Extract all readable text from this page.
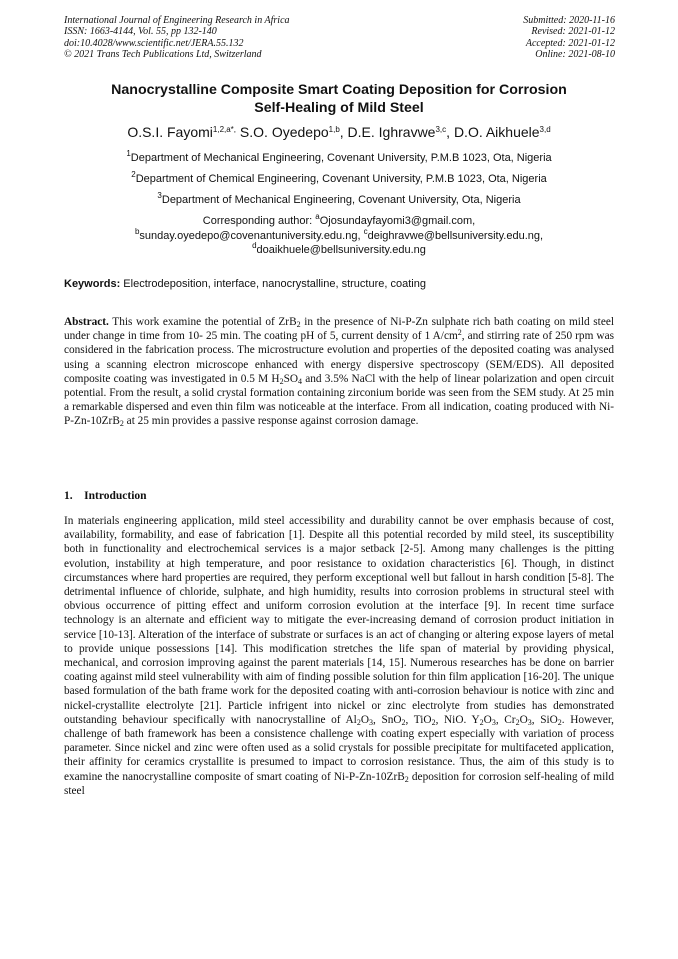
International Journal of Engineering Research in Africa
ISSN: 1663-4144, Vol. 55, pp 132-140
doi:10.4028/www.scientific.net/JERA.55.132
© 2021 Trans Tech Publications Ltd, Switzerland
Submitted: 2020-11-16
Revised: 2021-01-12
Accepted: 2021-01-12
Online: 2021-08-10
Nanocrystalline Composite Smart Coating Deposition for Corrosion
Self-Healing of Mild Steel
O.S.I. Fayomi$^{1,2,a*,}$ S.O. Oyedepo$^{1,b}$, D.E. Ighravwe$^{3,c}$, D.O. Aikhuele$^{3,d}$
$^1$Department of Mechanical Engineering, Covenant University, P.M.B 1023, Ota, Nigeria
$^2$Department of Chemical Engineering, Covenant University, P.M.B 1023, Ota, Nigeria
$^3$Department of Mechanical Engineering, Covenant University, Ota, Nigeria
Corresponding author: $^a$Ojosundayfayomi3@gmail.com,
$^b$sunday.oyedepo@covenantuniversity.edu.ng, $^c$deighravwe@bellsuniversity.edu.ng,
$^d$doaikhuele@bellsuniversity.edu.ng
Keywords: Electrodeposition, interface, nanocrystalline, structure, coating

Abstract. This work examine the potential of ZrB$_2$ in the presence of Ni-P-Zn sulphate rich bath coating on mild steel under change in time from 10- 25 min. The coating pH of 5, current density of 1 $A/cm^2$, and stirring rate of 250 rpm was considered in the fabrication process. The microstructure evolution and properties of the deposited coating was analysed using a scanning electron microscope enhanced with energy dispersive spectroscopy (SEM/EDS). All deposited composite coating was investigated in 0.5 M $H_2SO_4$ and 3.5% NaCl with the help of linear polarization and open circuit potential. From the result, a solid crystal formation containing zirconium boride was seen from the SEM study. At 25 min a remarkable dispersed and even thin film was noticeable at the interface. From all indication, coating produced with Ni-P-Zn-10ZrB$_2$ at 25 min provides a passive response against corrosion damage.

1. Introduction

In materials engineering application, mild steel accessibility and durability cannot be over emphasis because of cost, availability, formability, and ease of fabrication [1]. Despite all this potential recorded by mild steel, its susceptibility both in functionality and electrochemical services is a major setback [2-5]. Among many challenges is the pitting evolution, instability at high temperature, and poor resistance to oxidation characteristics [6]. Though, in distinct circumstances where hard properties are required, they perform exceptional well but fallout in harsh condition [5-8]. The detrimental influence of chloride, sulphate, and high humidity, results into corrosion problems in structural steel with obvious occurrence of pitting effect and uniform corrosion evolution at the interface [9]. In recent time surface technology is an alternate and efficient way to mitigate the ever-increasing demand of corrosion product initiation in service [10-13]. Alteration of the interface of substrate or surfaces is an act of changing or altering expose layers of metal to provide unique possessions [14]. This modification stretches the life span of material by providing physical, mechanical, and corrosion improving against the parent materials [14, 15]. Numerous researches has be done on barrier coating against mild steel vulnerability with aim of finding possible solution for thin film application [16-20]. The unique based formulation of the bath frame work for the deposited coating with anti-corrosion behaviour is notice with zinc and nickel-crystallite electrolyte [21]. Particle infrigent into nickel or zinc electrolyte from studies has demonstrated outstanding behaviour specifically with nanocrystalline of $Al_2O_3$, SnO$_2$, TiO$_2$, NiO. $Y_2O_3$, $Cr_2O_3$, SiO$_2$. However, challenge of bath framework has been a consistence challenge with coating expert especially with variation of process parameter. Since nickel and zinc were often used as a solid crystals for possible precipitate for multifaceted application, their affinity for ceramics crystallite is presumed to impact to corrosion resistance. Thus, the aim of this study is to examine the nanocrystalline composite of smart coating of Ni-P-Zn-10ZrB$_2$ deposition for corrosion self-healing of mild steel
